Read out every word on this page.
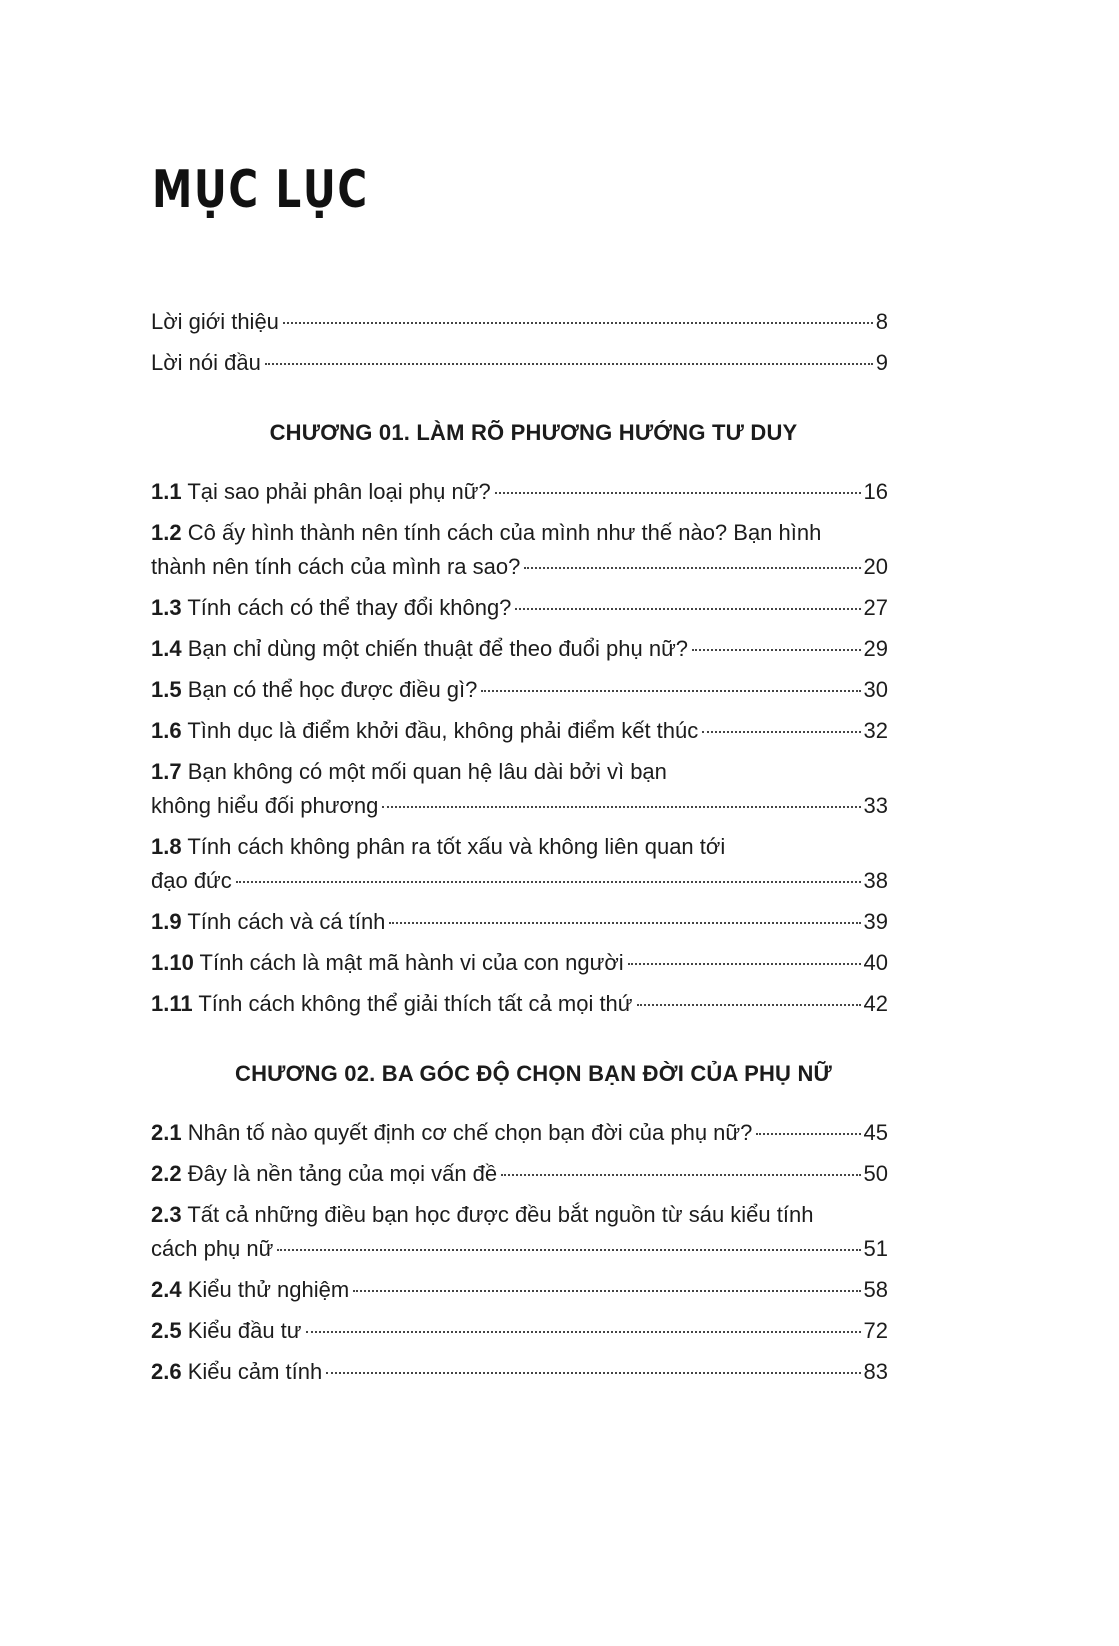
MỤC LỤC
Lời giới thiệu	8
Lời nói đầu	9
CHƯƠNG 01. LÀM RÕ PHƯƠNG HƯỚNG TƯ DUY
1.1 Tại sao phải phân loại phụ nữ?	16
1.2 Cô ấy hình thành nên tính cách của mình như thế nào? Bạn hình
thành nên tính cách của mình ra sao?	20
1.3 Tính cách có thể thay đổi không?	27
1.4 Bạn chỉ dùng một chiến thuật để theo đuổi phụ nữ?	29
1.5 Bạn có thể học được điều gì?	30
1.6 Tình dục là điểm khởi đầu, không phải điểm kết thúc	32
1.7 Bạn không có một mối quan hệ lâu dài bởi vì bạn
không hiểu đối phương	33
1.8 Tính cách không phân ra tốt xấu và không liên quan tới
đạo đức	38
1.9 Tính cách và cá tính	39
1.10 Tính cách là mật mã hành vi của con người	40
1.11 Tính cách không thể giải thích tất cả mọi thứ	42
CHƯƠNG 02. BA GÓC ĐỘ CHỌN BẠN ĐỜI CỦA PHỤ NỮ
2.1 Nhân tố nào quyết định cơ chế chọn bạn đời của phụ nữ?	45
2.2 Đây là nền tảng của mọi vấn đề	50
2.3 Tất cả những điều bạn học được đều bắt nguồn từ sáu kiểu tính
cách phụ nữ	51
2.4 Kiểu thử nghiệm	58
2.5 Kiểu đầu tư	72
2.6 Kiểu cảm tính	83
